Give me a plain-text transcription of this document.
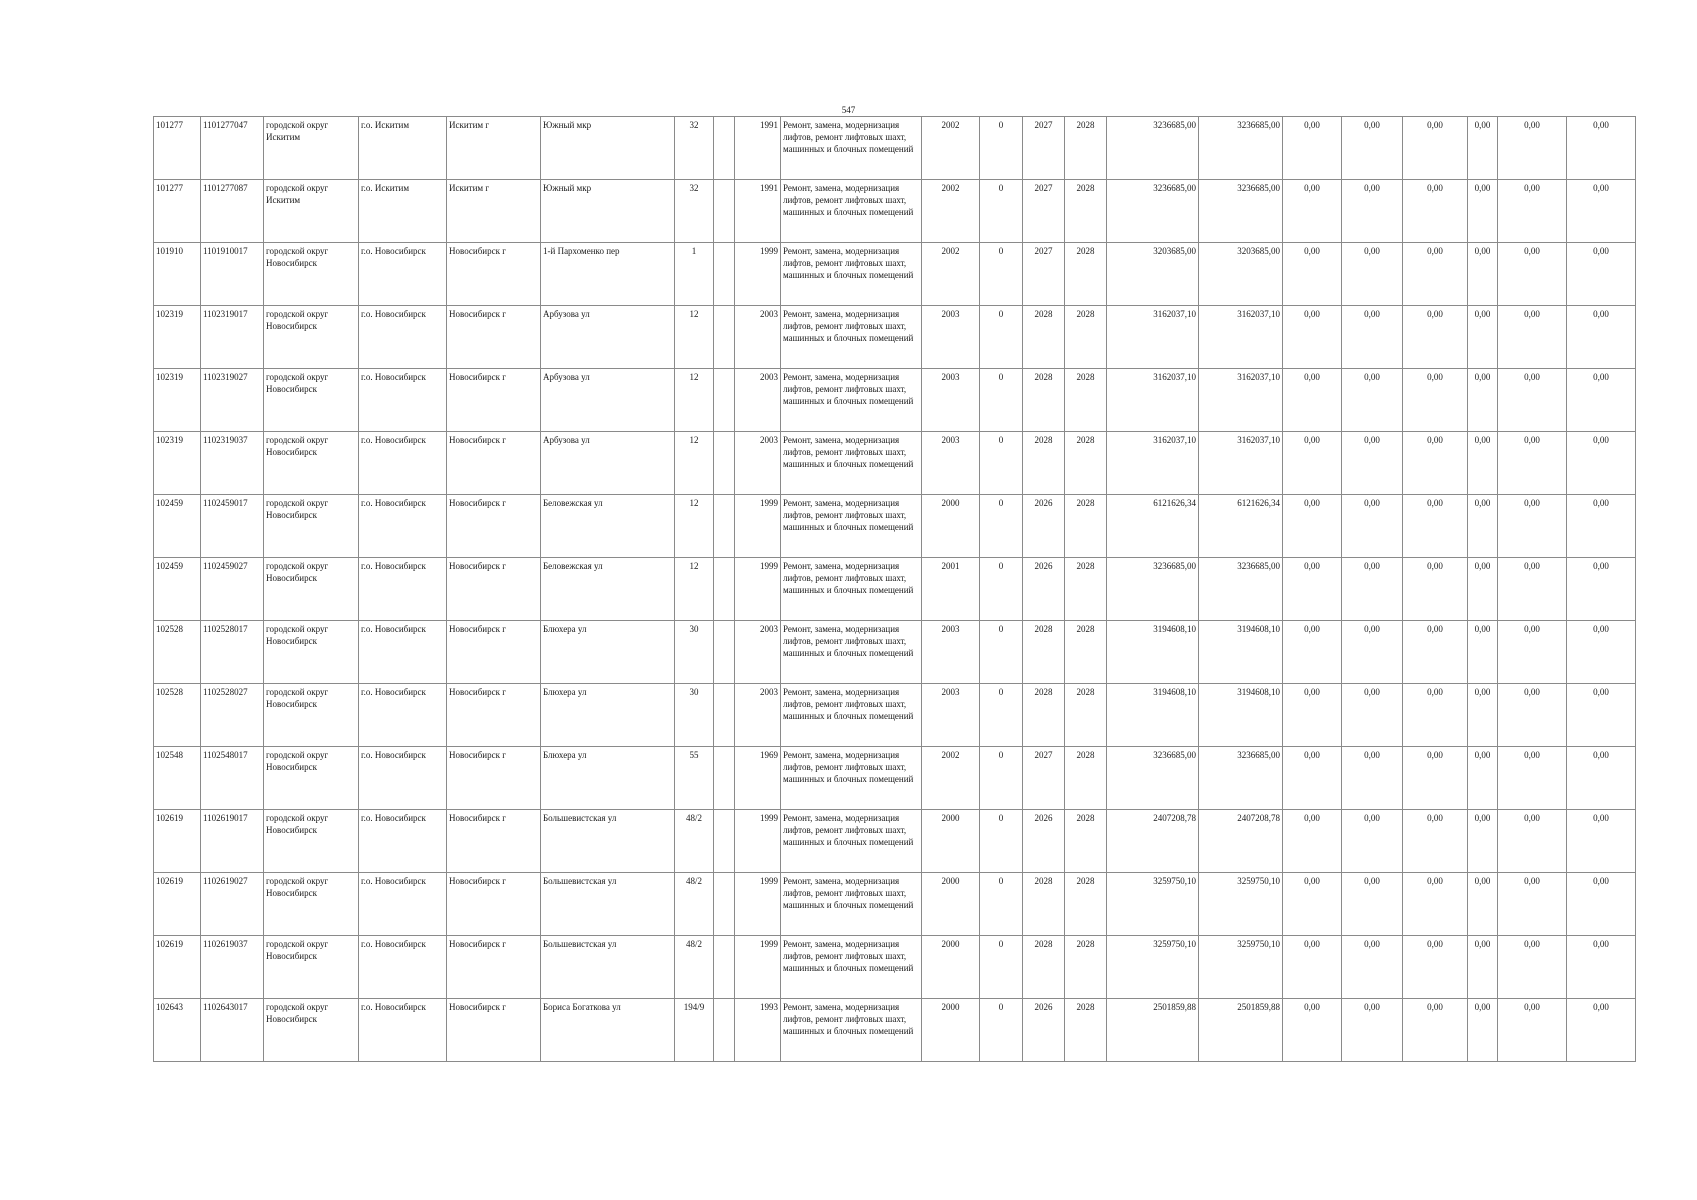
547
101277	1101277047	городской округ Искитим	г.о. Искитим	Искитим г	Южный мкр	32		1991	Ремонт, замена, модернизация лифтов, ремонт лифтовых шахт, машинных и блочных помещений	2002	0	2027	2028	3236685,00	3236685,00	0,00	0,00	0,00	0,00	0,00	0,00
101277	1101277087	городской округ Искитим	г.о. Искитим	Искитим г	Южный мкр	32		1991	Ремонт, замена, модернизация лифтов, ремонт лифтовых шахт, машинных и блочных помещений	2002	0	2027	2028	3236685,00	3236685,00	0,00	0,00	0,00	0,00	0,00	0,00
101910	1101910017	городской округ Новосибирск	г.о. Новосибирск	Новосибирск г	1-й Пархоменко пер	1		1999	Ремонт, замена, модернизация лифтов, ремонт лифтовых шахт, машинных и блочных помещений	2002	0	2027	2028	3203685,00	3203685,00	0,00	0,00	0,00	0,00	0,00	0,00
102319	1102319017	городской округ Новосибирск	г.о. Новосибирск	Новосибирск г	Арбузова ул	12		2003	Ремонт, замена, модернизация лифтов, ремонт лифтовых шахт, машинных и блочных помещений	2003	0	2028	2028	3162037,10	3162037,10	0,00	0,00	0,00	0,00	0,00	0,00
102319	1102319027	городской округ Новосибирск	г.о. Новосибирск	Новосибирск г	Арбузова ул	12		2003	Ремонт, замена, модернизация лифтов, ремонт лифтовых шахт, машинных и блочных помещений	2003	0	2028	2028	3162037,10	3162037,10	0,00	0,00	0,00	0,00	0,00	0,00
102319	1102319037	городской округ Новосибирск	г.о. Новосибирск	Новосибирск г	Арбузова ул	12		2003	Ремонт, замена, модернизация лифтов, ремонт лифтовых шахт, машинных и блочных помещений	2003	0	2028	2028	3162037,10	3162037,10	0,00	0,00	0,00	0,00	0,00	0,00
102459	1102459017	городской округ Новосибирск	г.о. Новосибирск	Новосибирск г	Беловежская ул	12		1999	Ремонт, замена, модернизация лифтов, ремонт лифтовых шахт, машинных и блочных помещений	2000	0	2026	2028	6121626,34	6121626,34	0,00	0,00	0,00	0,00	0,00	0,00
102459	1102459027	городской округ Новосибирск	г.о. Новосибирск	Новосибирск г	Беловежская ул	12		1999	Ремонт, замена, модернизация лифтов, ремонт лифтовых шахт, машинных и блочных помещений	2001	0	2026	2028	3236685,00	3236685,00	0,00	0,00	0,00	0,00	0,00	0,00
102528	1102528017	городской округ Новосибирск	г.о. Новосибирск	Новосибирск г	Блюхера ул	30		2003	Ремонт, замена, модернизация лифтов, ремонт лифтовых шахт, машинных и блочных помещений	2003	0	2028	2028	3194608,10	3194608,10	0,00	0,00	0,00	0,00	0,00	0,00
102528	1102528027	городской округ Новосибирск	г.о. Новосибирск	Новосибирск г	Блюхера ул	30		2003	Ремонт, замена, модернизация лифтов, ремонт лифтовых шахт, машинных и блочных помещений	2003	0	2028	2028	3194608,10	3194608,10	0,00	0,00	0,00	0,00	0,00	0,00
102548	1102548017	городской округ Новосибирск	г.о. Новосибирск	Новосибирск г	Блюхера ул	55		1969	Ремонт, замена, модернизация лифтов, ремонт лифтовых шахт, машинных и блочных помещений	2002	0	2027	2028	3236685,00	3236685,00	0,00	0,00	0,00	0,00	0,00	0,00
102619	1102619017	городской округ Новосибирск	г.о. Новосибирск	Новосибирск г	Большевистская ул	48/2		1999	Ремонт, замена, модернизация лифтов, ремонт лифтовых шахт, машинных и блочных помещений	2000	0	2026	2028	2407208,78	2407208,78	0,00	0,00	0,00	0,00	0,00	0,00
102619	1102619027	городской округ Новосибирск	г.о. Новосибирск	Новосибирск г	Большевистская ул	48/2		1999	Ремонт, замена, модернизация лифтов, ремонт лифтовых шахт, машинных и блочных помещений	2000	0	2028	2028	3259750,10	3259750,10	0,00	0,00	0,00	0,00	0,00	0,00
102619	1102619037	городской округ Новосибирск	г.о. Новосибирск	Новосибирск г	Большевистская ул	48/2		1999	Ремонт, замена, модернизация лифтов, ремонт лифтовых шахт, машинных и блочных помещений	2000	0	2028	2028	3259750,10	3259750,10	0,00	0,00	0,00	0,00	0,00	0,00
102643	1102643017	городской округ Новосибирск	г.о. Новосибирск	Новосибирск г	Бориса Богаткова ул	194/9		1993	Ремонт, замена, модернизация лифтов, ремонт лифтовых шахт, машинных и блочных помещений	2000	0	2026	2028	2501859,88	2501859,88	0,00	0,00	0,00	0,00	0,00	0,00
